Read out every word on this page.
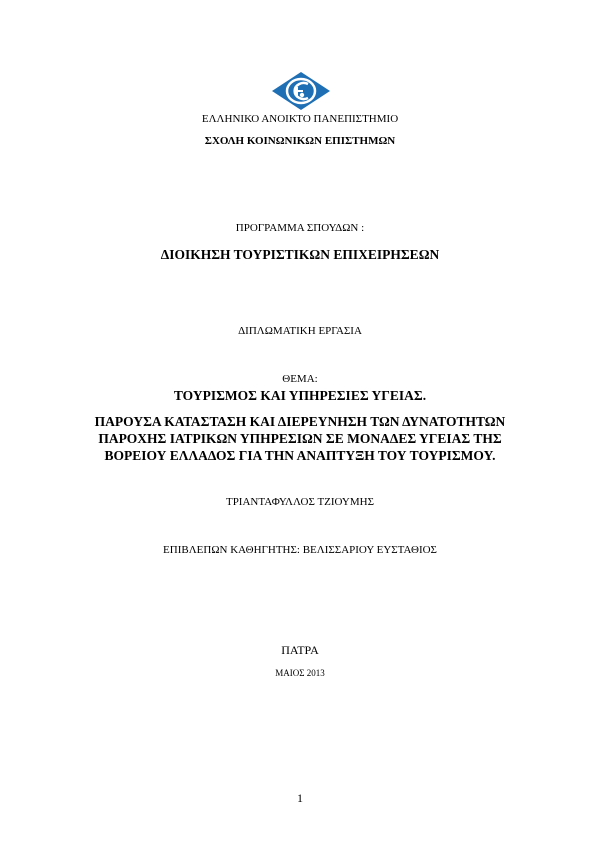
ΕΛΛΗΝΙΚΟ ΑΝΟΙΚΤΟ ΠΑΝΕΠΙΣΤΗΜΙΟ
ΣΧΟΛΗ ΚΟΙΝΩΝΙΚΩΝ ΕΠΙΣΤΗΜΩΝ
ΠΡΟΓΡΑΜΜΑ ΣΠΟΥΔΩΝ :
ΔΙΟΙΚΗΣΗ ΤΟΥΡΙΣΤΙΚΩΝ ΕΠΙΧΕΙΡΗΣΕΩΝ
ΔΙΠΛΩΜΑΤΙΚΗ ΕΡΓΑΣΙΑ
ΘΕΜΑ:
ΤΟΥΡΙΣΜΟΣ ΚΑΙ ΥΠΗΡΕΣΙΕΣ ΥΓΕΙΑΣ.
ΠΑΡΟΥΣΑ ΚΑΤΑΣΤΑΣΗ ΚΑΙ ΔΙΕΡΕΥΝΗΣΗ ΤΩΝ ΔΥΝΑΤΟΤΗΤΩΝ
ΠΑΡΟΧΗΣ ΙΑΤΡΙΚΩΝ ΥΠΗΡΕΣΙΩΝ ΣΕ ΜΟΝΑΔΕΣ ΥΓΕΙΑΣ ΤΗΣ
ΒΟΡΕΙΟΥ ΕΛΛΑΔΟΣ ΓΙΑ ΤΗΝ ΑΝΑΠΤΥΞΗ ΤΟΥ ΤΟΥΡΙΣΜΟΥ.
ΤΡΙΑΝΤΑΦΥΛΛΟΣ ΤΖΙΟΥΜΗΣ
ΕΠΙΒΛΕΠΩΝ ΚΑΘΗΓΗΤΗΣ: ΒΕΛΙΣΣΑΡΙΟΥ ΕΥΣΤΑΘΙΟΣ
ΠΑΤΡΑ
ΜΑΙΟΣ 2013
1
